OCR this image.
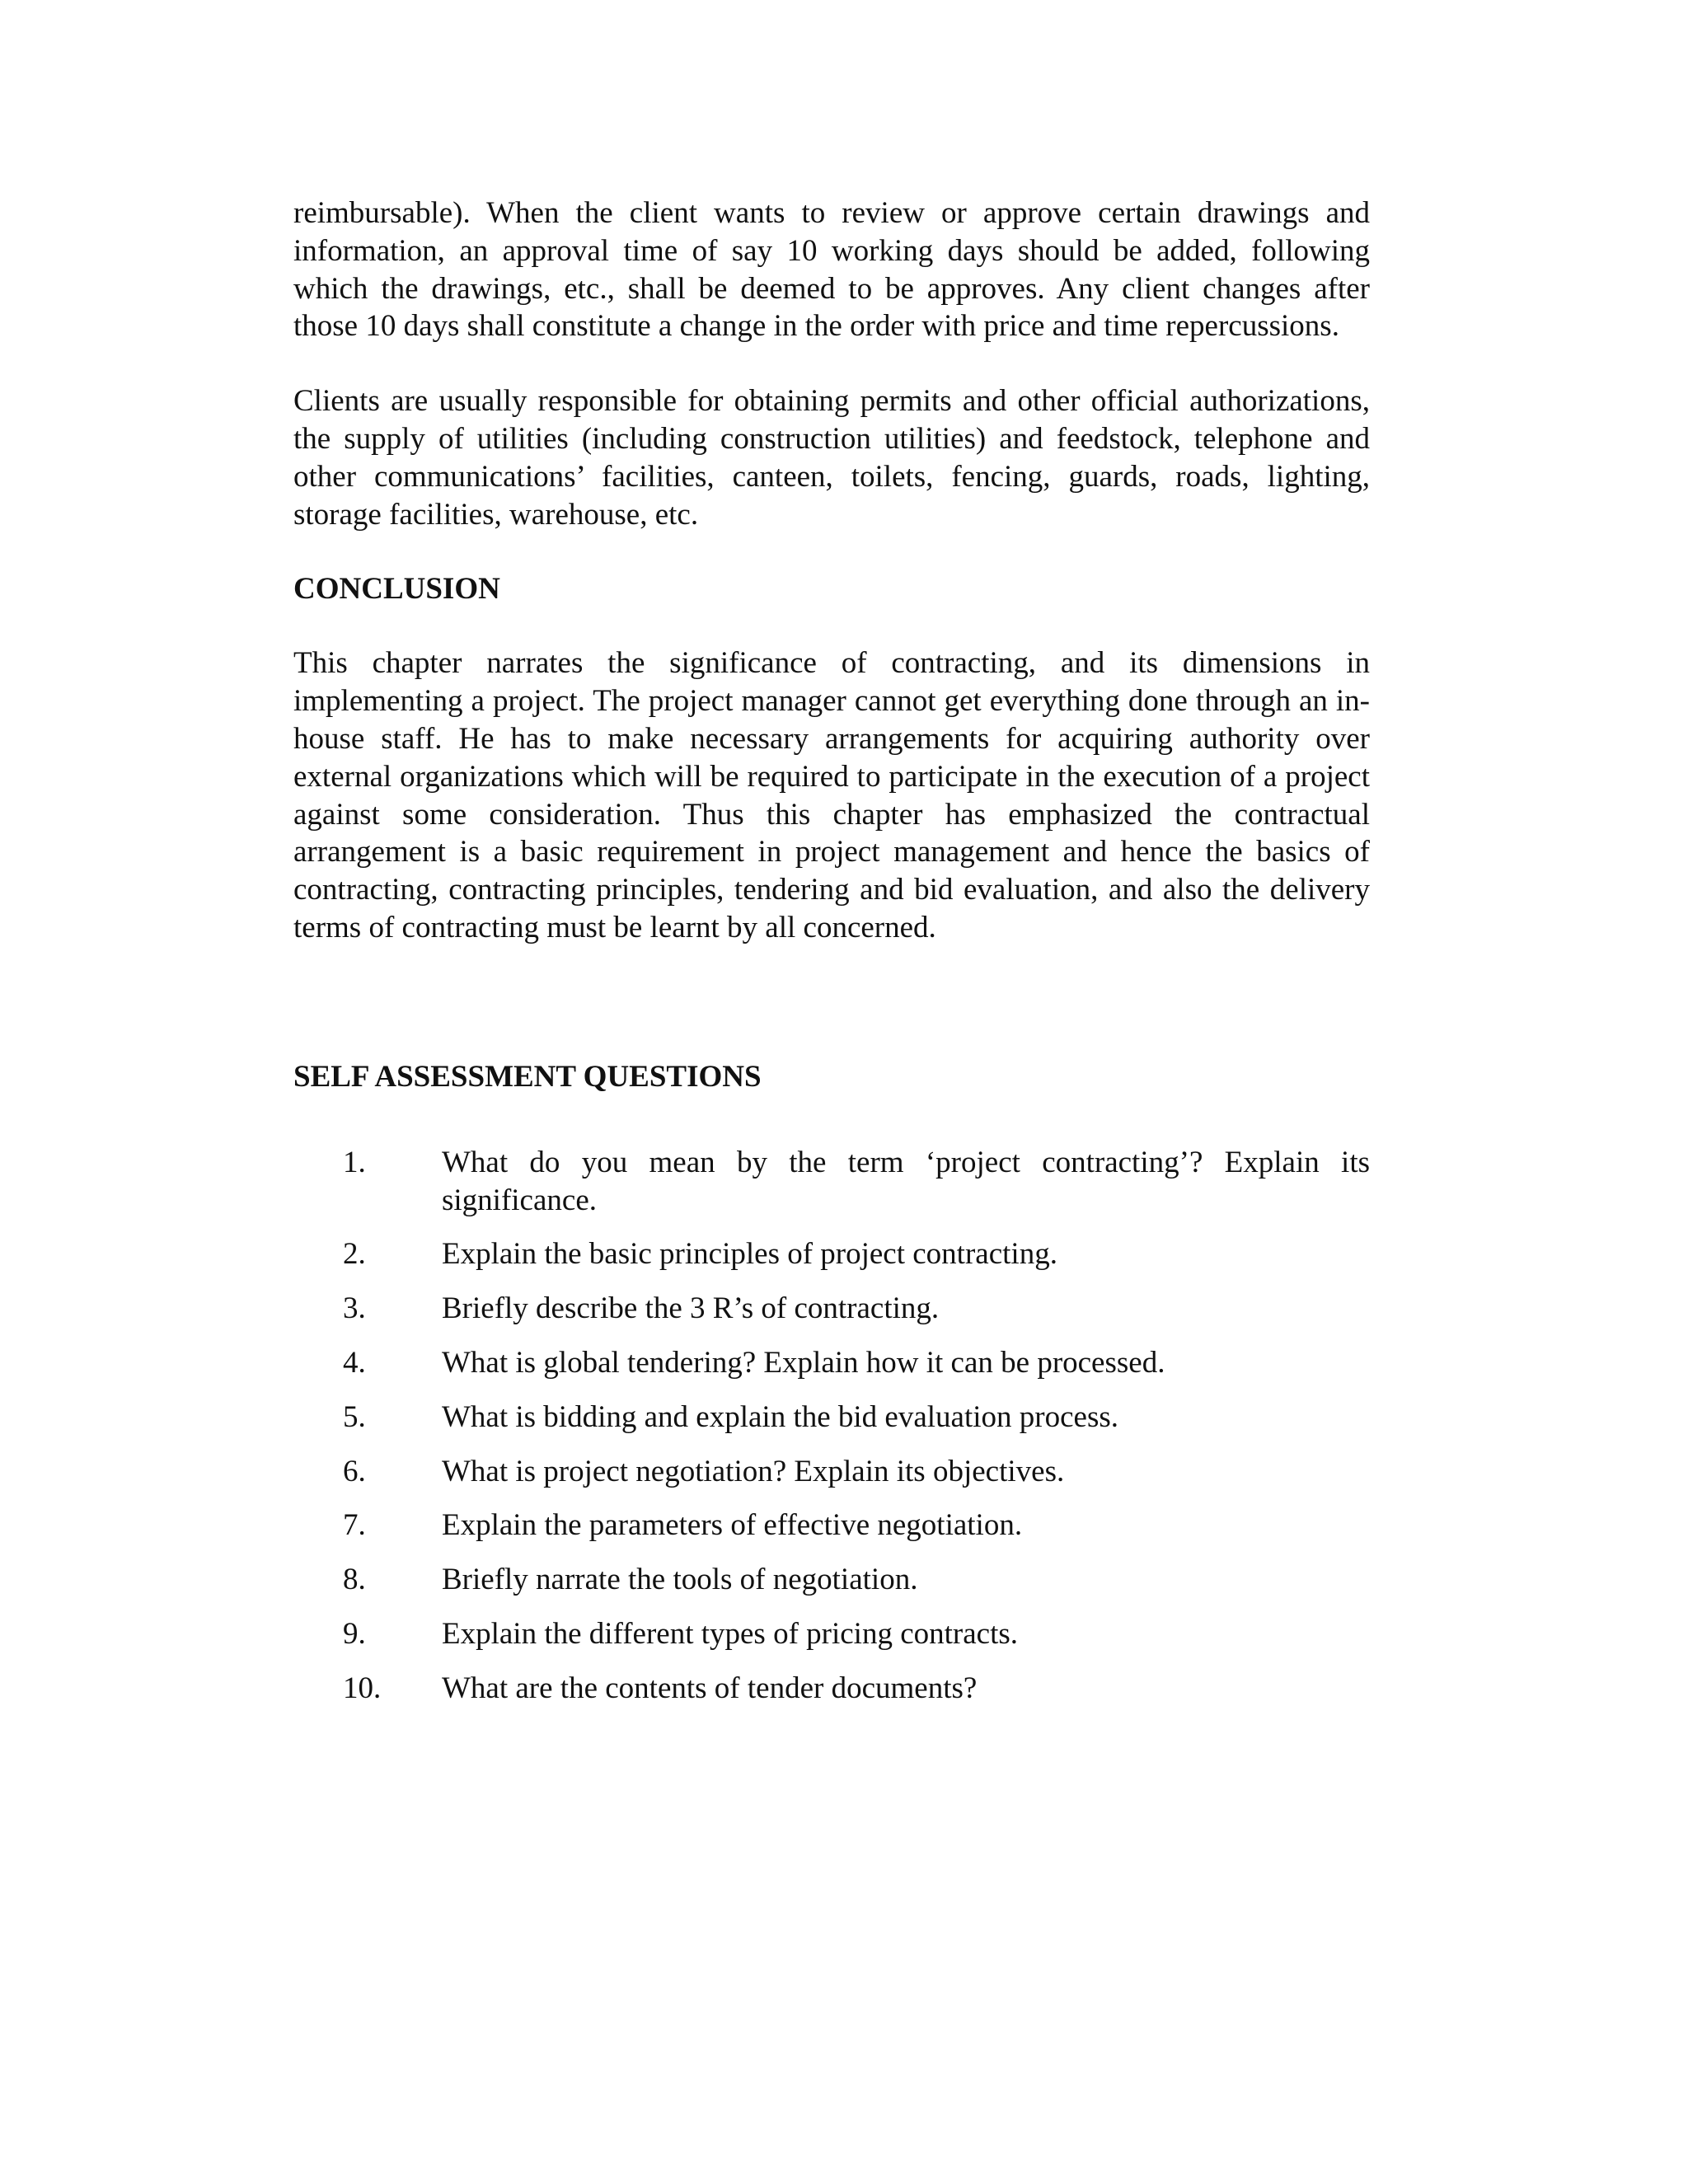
reimbursable). When the client wants to review or approve certain drawings and information, an approval time of say 10 working days should be added, following which the drawings, etc., shall be deemed to be approves. Any client changes after those 10 days shall constitute a change in the order with price and time repercussions.

Clients are usually responsible for obtaining permits and other official authorizations, the supply of utilities (including construction utilities) and feedstock, telephone and other communications’ facilities, canteen, toilets, fencing, guards, roads, lighting, storage facilities, warehouse, etc.

CONCLUSION

This chapter narrates the significance of contracting, and its dimensions in implementing a project. The project manager cannot get everything done through an in-house staff. He has to make necessary arrangements for acquiring authority over external organizations which will be required to participate in the execution of a project against some consideration. Thus this chapter has emphasized the contractual arrangement is a basic requirement in project management and hence the basics of contracting, contracting principles, tendering and bid evaluation, and also the delivery terms of contracting must be learnt by all concerned.

SELF ASSESSMENT QUESTIONS
1. What do you mean by the term ‘project contracting’? Explain its significance.
2. Explain the basic principles of project contracting.
3. Briefly describe the 3 R’s of contracting.
4. What is global tendering? Explain how it can be processed.
5. What is bidding and explain the bid evaluation process.
6. What is project negotiation? Explain its objectives.
7. Explain the parameters of effective negotiation.
8. Briefly narrate the tools of negotiation.
9. Explain the different types of pricing contracts.
10. What are the contents of tender documents?
